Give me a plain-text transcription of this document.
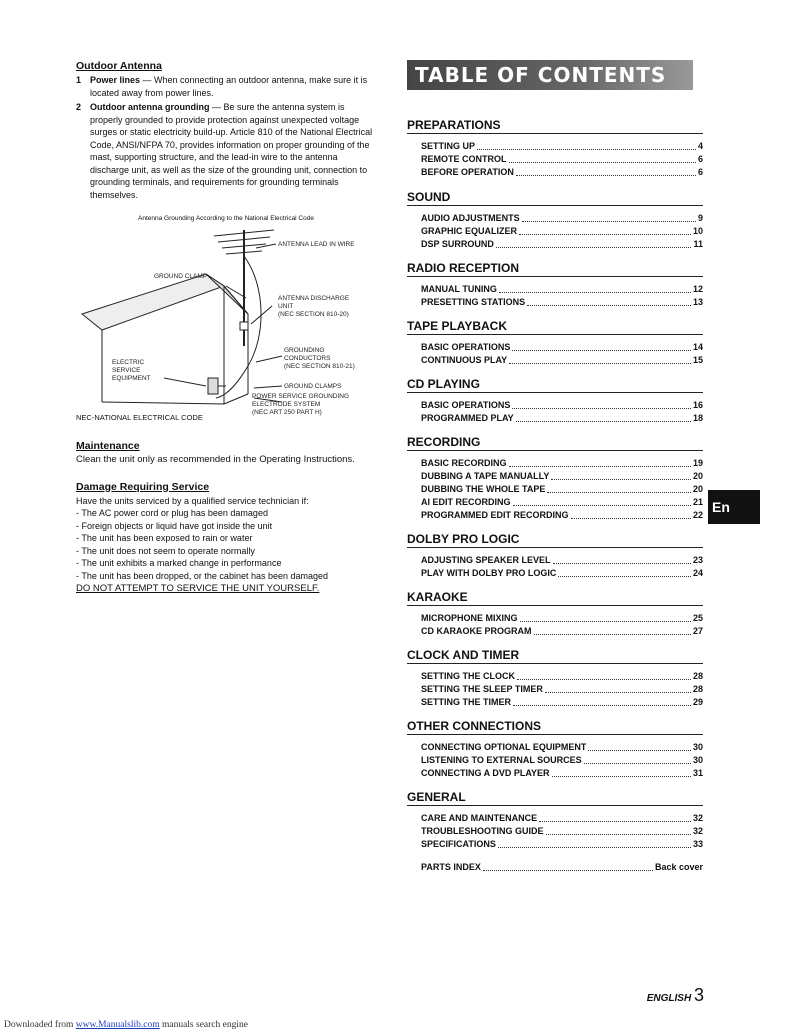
Outdoor Antenna
1 Power lines — When connecting an outdoor antenna, make sure it is located away from power lines.
2 Outdoor antenna grounding — Be sure the antenna system is properly grounded to provide protection against unexpected voltage surges or static electricity build-up. Article 810 of the National Electrical Code, ANSI/NFPA 70, provides information on proper grounding of the mast, supporting structure, and the lead-in wire to the antenna discharge unit, as well as the size of the grounding unit, connection to grounding terminals, and requirements for grounding terminals themselves.
Antenna Grounding According to the National Electrical Code
ANTENNA LEAD IN WIRE
GROUND CLAMP
ANTENNA DISCHARGE
UNIT
(NEC SECTION 810-20)
ELECTRIC
SERVICE
EQUIPMENT
GROUNDING
CONDUCTORS
(NEC SECTION 810-21)
GROUND CLAMPS
POWER SERVICE GROUNDING
ELECTRODE SYSTEM
(NEC ART 250 PART H)
NEC-NATIONAL ELECTRICAL CODE
Maintenance
Clean the unit only as recommended in the Operating Instructions.
Damage Requiring Service
Have the units serviced by a qualified service technician if:
- The AC power cord or plug has been damaged
- Foreign objects or liquid have got inside the unit
- The unit has been exposed to rain or water
- The unit does not seem to operate normally
- The unit exhibits a marked change in performance
- The unit has been dropped, or the cabinet has been damaged
DO NOT ATTEMPT TO SERVICE THE UNIT YOURSELF.
TABLE OF CONTENTS
PREPARATIONS
SETTING UP	4
REMOTE CONTROL	6
BEFORE OPERATION	6
SOUND
AUDIO ADJUSTMENTS	9
GRAPHIC EQUALIZER	10
DSP SURROUND	11
RADIO RECEPTION
MANUAL TUNING	12
PRESETTING STATIONS	13
TAPE PLAYBACK
BASIC OPERATIONS	14
CONTINUOUS PLAY	15
CD PLAYING
BASIC OPERATIONS	16
PROGRAMMED PLAY	18
RECORDING
BASIC RECORDING	19
DUBBING A TAPE MANUALLY	20
DUBBING THE WHOLE TAPE	20
AI EDIT RECORDING	21
PROGRAMMED EDIT RECORDING	22
DOLBY PRO LOGIC
ADJUSTING SPEAKER LEVEL	23
PLAY WITH DOLBY PRO LOGIC	24
KARAOKE
MICROPHONE MIXING	25
CD KARAOKE PROGRAM	27
CLOCK AND TIMER
SETTING THE CLOCK	28
SETTING THE SLEEP TIMER	28
SETTING THE TIMER	29
OTHER CONNECTIONS
CONNECTING OPTIONAL EQUIPMENT	30
LISTENING TO EXTERNAL SOURCES	30
CONNECTING A DVD PLAYER	31
GENERAL
CARE AND MAINTENANCE	32
TROUBLESHOOTING GUIDE	32
SPECIFICATIONS	33
PARTS INDEX	Back cover
En
ENGLISH 3
Downloaded from www.Manualslib.com manuals search engine
